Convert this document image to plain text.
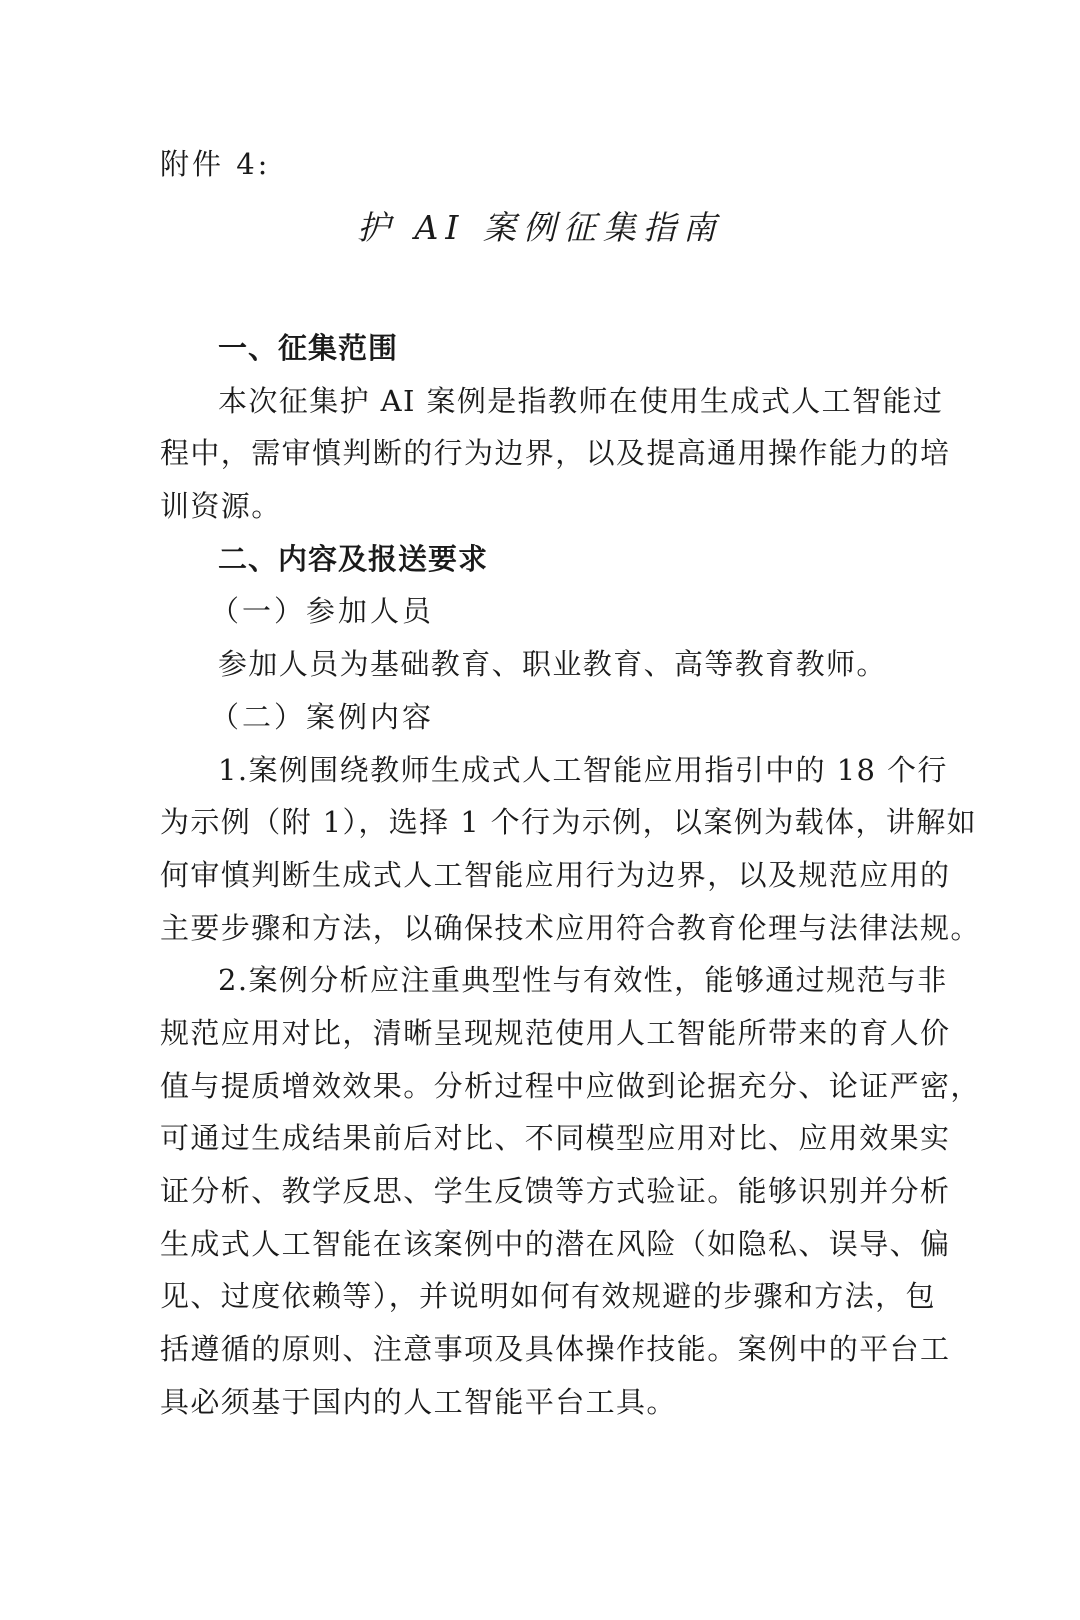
附件 4:
护 AI 案例征集指南
一、征集范围
本次征集护 AI 案例是指教师在使用生成式人工智能过
程中，需审慎判断的行为边界，以及提高通用操作能力的培
训资源。
二、内容及报送要求
（一）参加人员
参加人员为基础教育、职业教育、高等教育教师。
（二）案例内容
1.案例围绕教师生成式人工智能应用指引中的 18 个行
为示例（附 1），选择 1 个行为示例，以案例为载体，讲解如
何审慎判断生成式人工智能应用行为边界，以及规范应用的
主要步骤和方法，以确保技术应用符合教育伦理与法律法规。
2.案例分析应注重典型性与有效性，能够通过规范与非
规范应用对比，清晰呈现规范使用人工智能所带来的育人价
值与提质增效效果。分析过程中应做到论据充分、论证严密，
可通过生成结果前后对比、不同模型应用对比、应用效果实
证分析、教学反思、学生反馈等方式验证。能够识别并分析
生成式人工智能在该案例中的潜在风险（如隐私、误导、偏
见、过度依赖等），并说明如何有效规避的步骤和方法，包
括遵循的原则、注意事项及具体操作技能。案例中的平台工
具必须基于国内的人工智能平台工具。
